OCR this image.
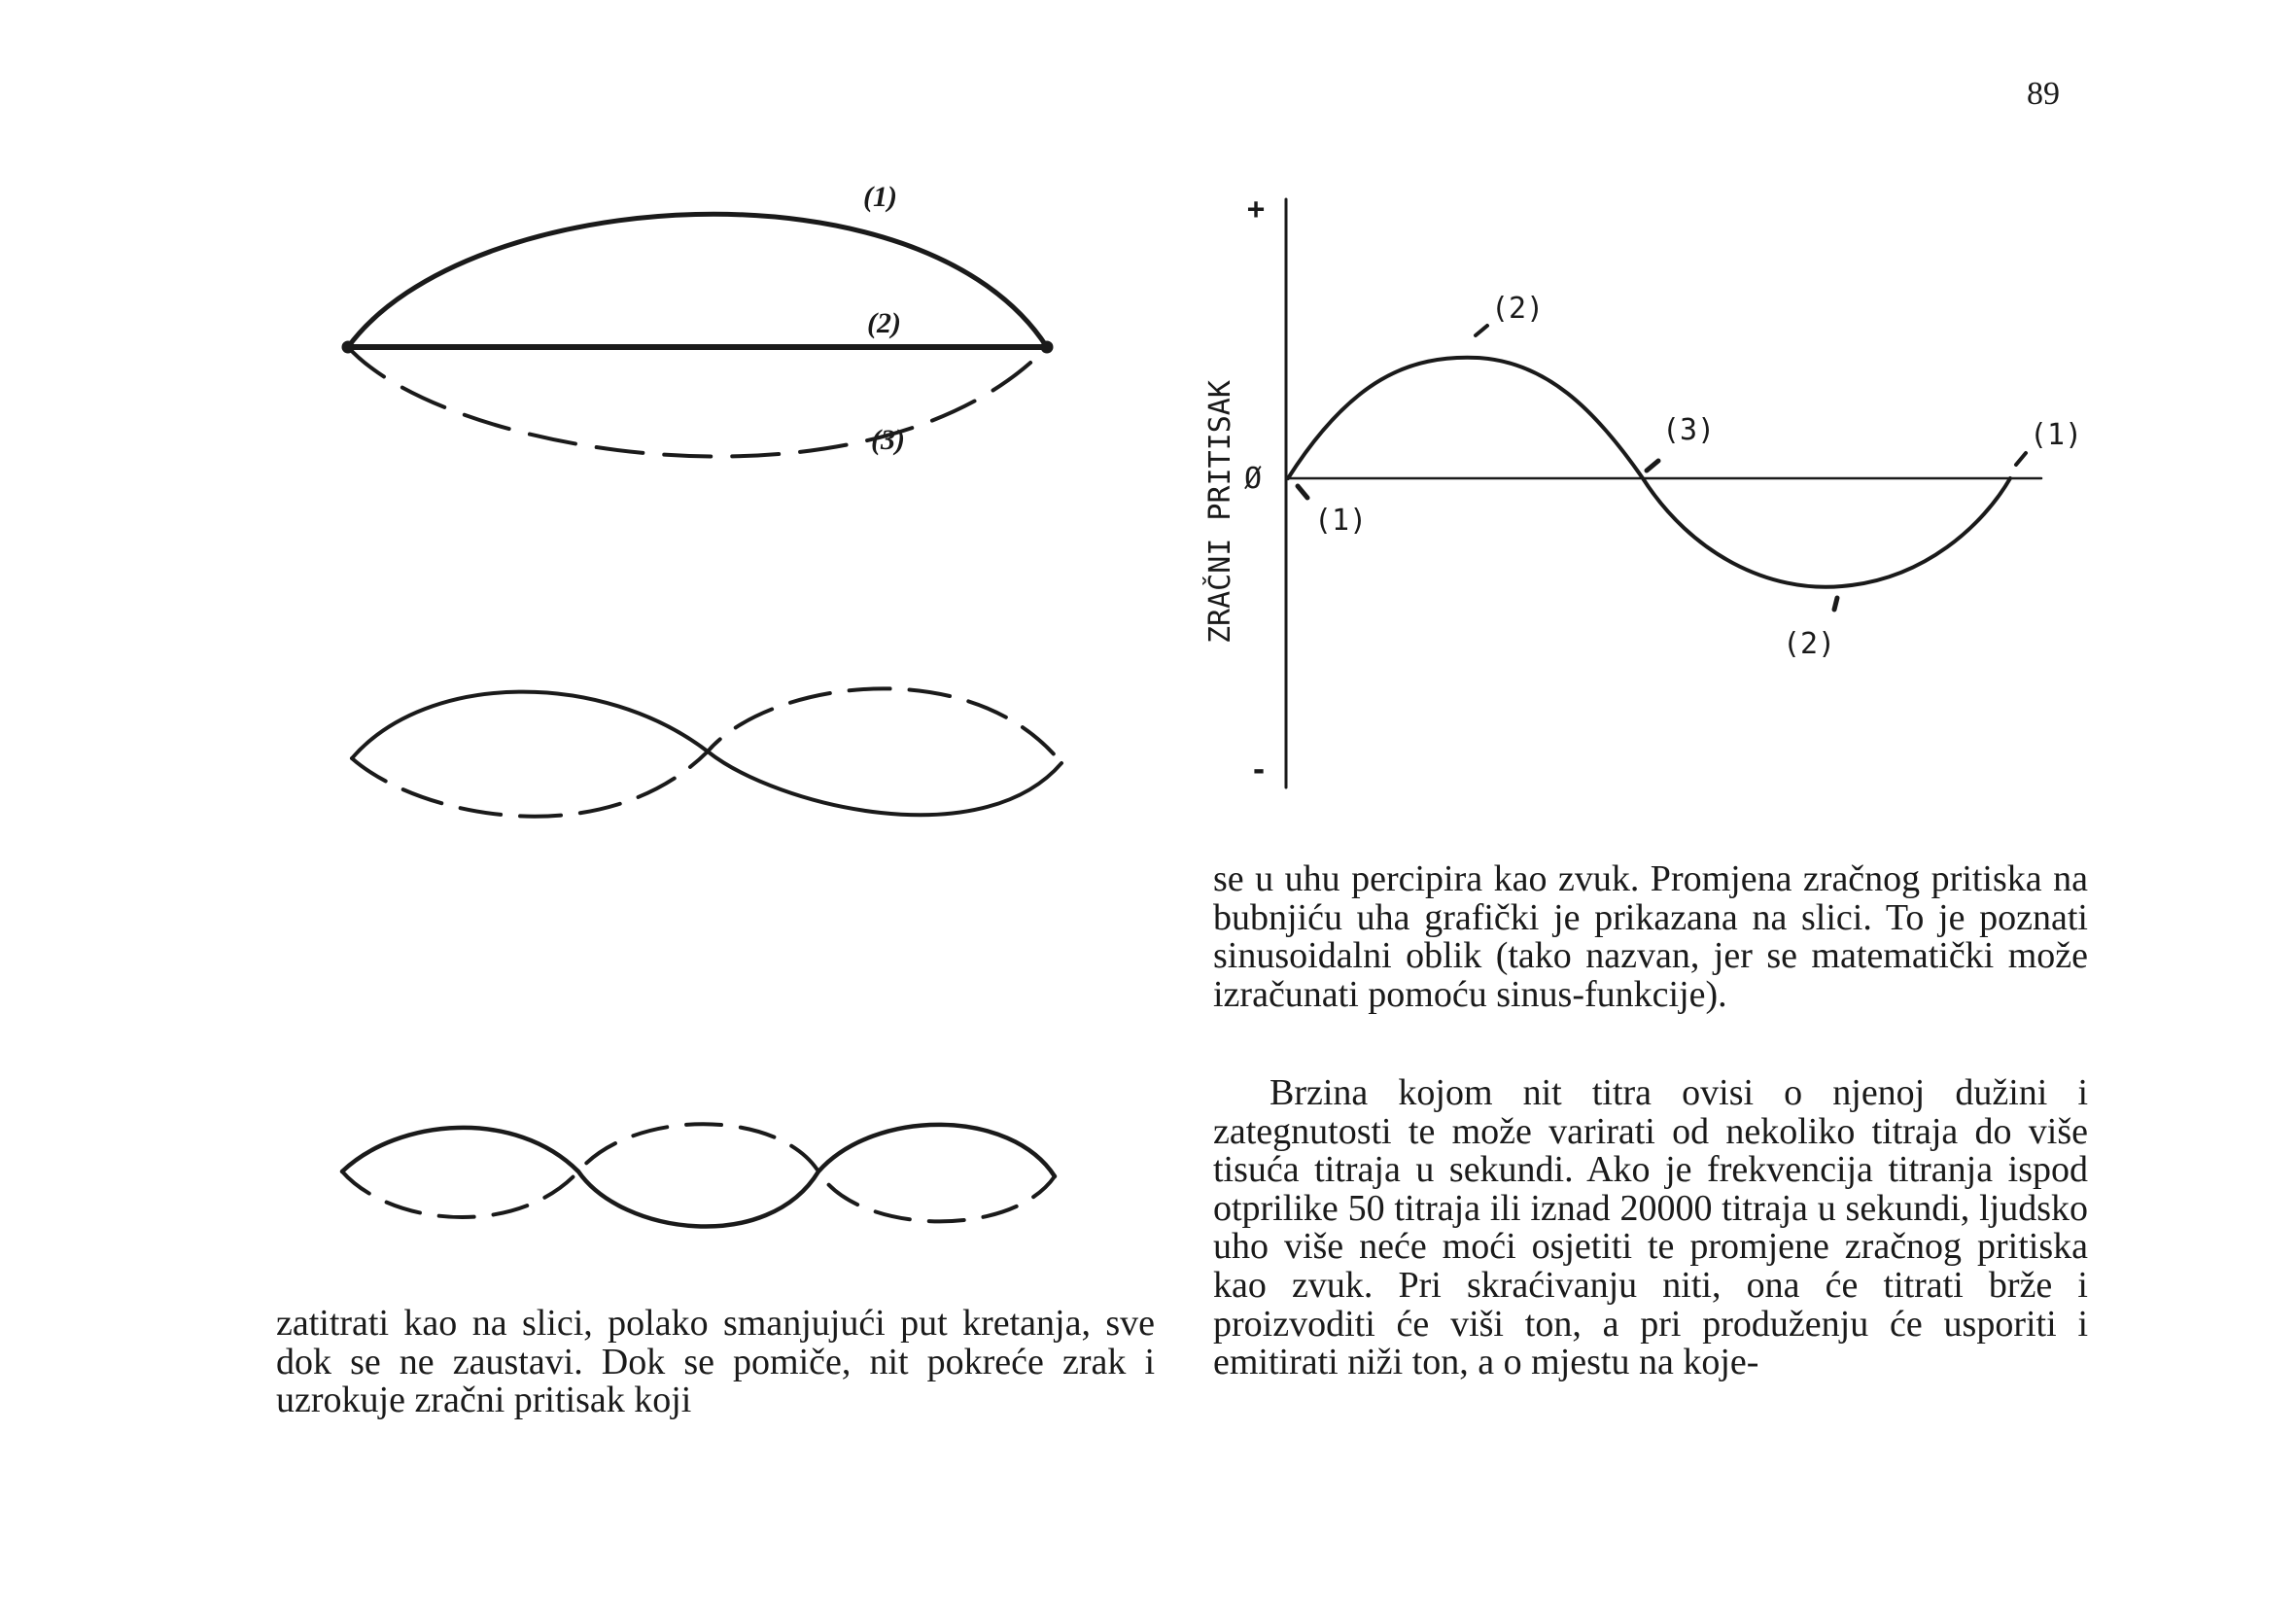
89
(1)
(2)
(3)
+
-
Ø
ZRAČNI PRITISAK	(1)
(2)
(3)
(2)
(1)

se u uhu percipira kao zvuk. Promjena zračnog pritiska na bubnjiću uha grafički je prikazana na slici. To je poznati sinusoidalni oblik (tako nazvan, jer se matematički može izračunati pomoću sinus-funkcije).

Brzina kojom nit titra ovisi o njenoj dužini i zategnutosti te može varirati od nekoliko titraja do više tisuća titraja u sekundi. Ako je frekvencija titranja ispod otprilike 50 titraja ili iznad 20000 titraja u sekundi, ljudsko uho više neće moći osjetiti te promjene zračnog pritiska kao zvuk. Pri skraćivanju niti, ona će titrati brže i proizvoditi će viši ton, a pri produženju će usporiti i emitirati niži ton, a o mjestu na koje-

zatitrati kao na slici, polako smanjujući put kretanja, sve dok se ne zaustavi. Dok se pomiče, nit pokreće zrak i uzrokuje zračni pritisak koji
